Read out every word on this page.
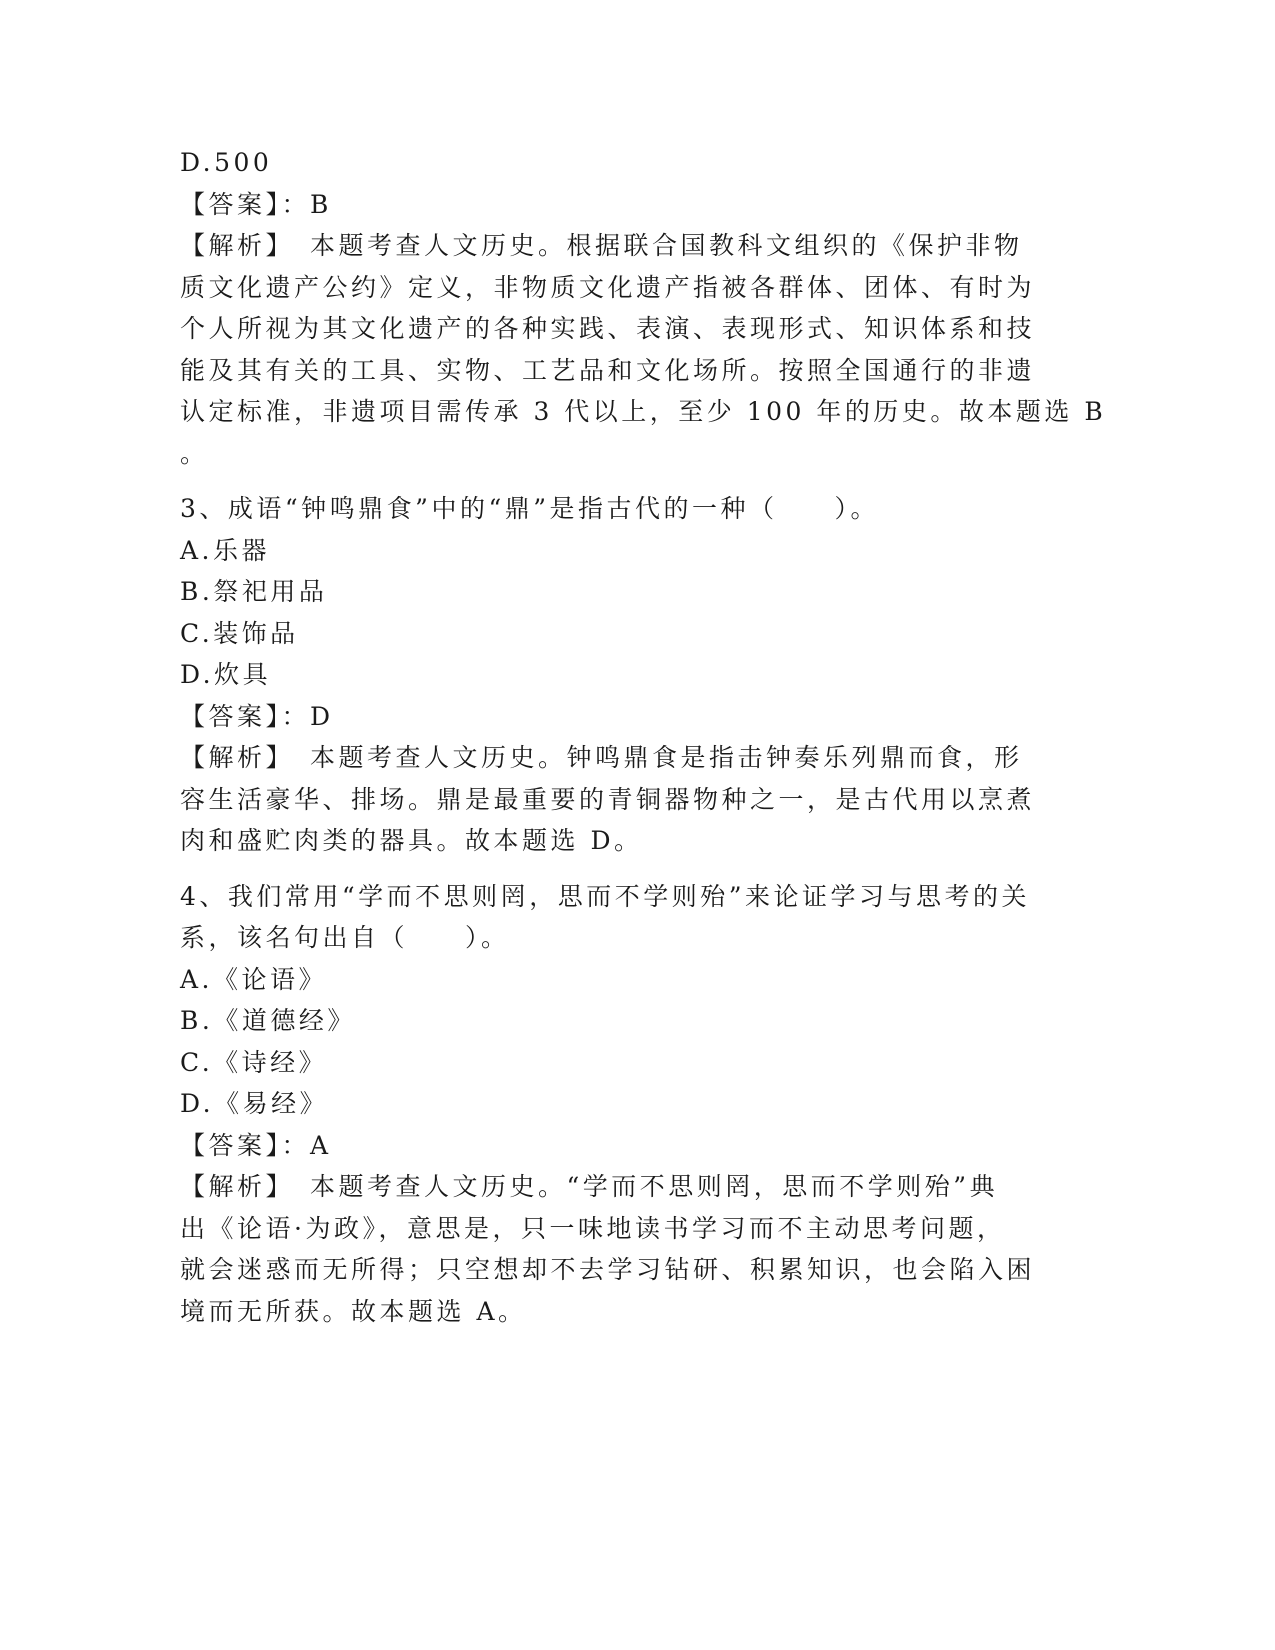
D.500
【答案】：B
【解析】　本题考查人文历史。根据联合国教科文组织的《保护非物
质文化遗产公约》定义，非物质文化遗产指被各群体、团体、有时为
个人所视为其文化遗产的各种实践、表演、表现形式、知识体系和技
能及其有关的工具、实物、工艺品和文化场所。按照全国通行的非遗
认定标准，非遗项目需传承 3 代以上，至少 100 年的历史。故本题选 B
。
3、成语“钟鸣鼎食”中的“鼎”是指古代的一种（　　）。
A.乐器
B.祭祀用品
C.装饰品
D.炊具
【答案】：D
【解析】　本题考查人文历史。钟鸣鼎食是指击钟奏乐列鼎而食，形
容生活豪华、排场。鼎是最重要的青铜器物种之一，是古代用以烹煮
肉和盛贮肉类的器具。故本题选 D。
4、我们常用“学而不思则罔，思而不学则殆”来论证学习与思考的关
系，该名句出自（　　）。
A.《论语》
B.《道德经》
C.《诗经》
D.《易经》
【答案】：A
【解析】　本题考查人文历史。“学而不思则罔，思而不学则殆”典
出《论语·为政》，意思是，只一味地读书学习而不主动思考问题，
就会迷惑而无所得；只空想却不去学习钻研、积累知识，也会陷入困
境而无所获。故本题选 A。
